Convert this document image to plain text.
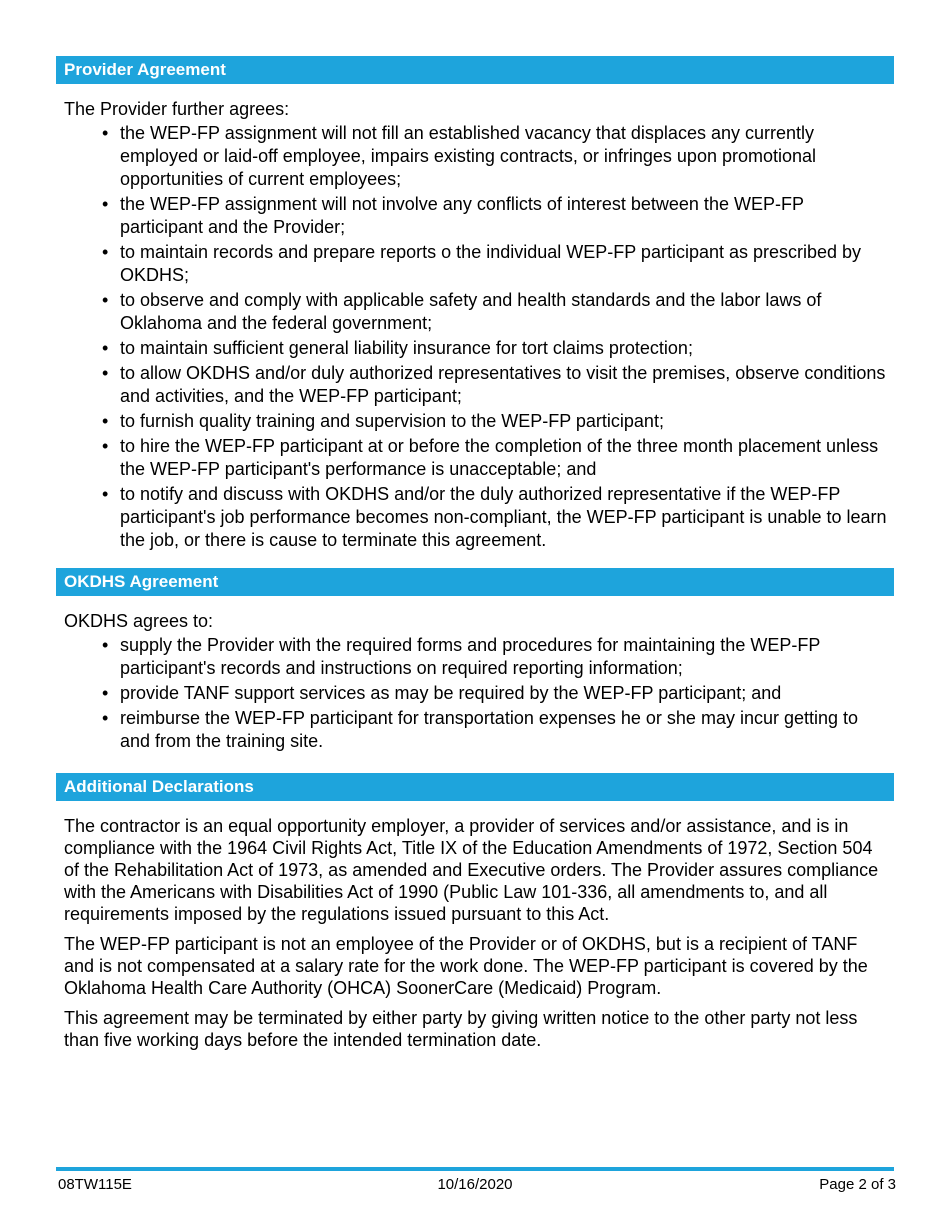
Provider Agreement
The Provider further agrees:
• the WEP-FP assignment will not fill an established vacancy that displaces any currently employed or laid-off employee, impairs existing contracts, or infringes upon promotional opportunities of current employees;
• the WEP-FP assignment will not involve any conflicts of interest between the WEP-FP participant and the Provider;
• to maintain records and prepare reports o the individual WEP-FP participant as prescribed by OKDHS;
• to observe and comply with applicable safety and health standards and the labor laws of Oklahoma and the federal government;
• to maintain sufficient general liability insurance for tort claims protection;
• to allow OKDHS and/or duly authorized representatives to visit the premises, observe conditions and activities, and the WEP-FP participant;
• to furnish quality training and supervision to the WEP-FP participant;
• to hire the WEP-FP participant at or before the completion of the three month placement unless the WEP-FP participant's performance is unacceptable; and
• to notify and discuss with OKDHS and/or the duly authorized representative if the WEP-FP participant's job performance becomes non-compliant, the WEP-FP participant is unable to learn the job, or there is cause to terminate this agreement.
OKDHS Agreement
OKDHS agrees to:
• supply the Provider with the required forms and procedures for maintaining the WEP-FP participant's records and instructions on required reporting information;
• provide TANF support services as may be required by the WEP-FP participant; and
• reimburse the WEP-FP participant for transportation expenses he or she may incur getting to and from the training site.
Additional Declarations

The contractor is an equal opportunity employer, a provider of services and/or assistance, and is in compliance with the 1964 Civil Rights Act, Title IX of the Education Amendments of 1972, Section 504 of the Rehabilitation Act of 1973, as amended and Executive orders. The Provider assures compliance with the Americans with Disabilities Act of 1990 (Public Law 101-336, all amendments to, and all requirements imposed by the regulations issued pursuant to this Act.

The WEP-FP participant is not an employee of the Provider or of OKDHS, but is a recipient of TANF and is not compensated at a salary rate for the work done. The WEP-FP participant is covered by the Oklahoma Health Care Authority (OHCA) SoonerCare (Medicaid) Program.

This agreement may be terminated by either party by giving written notice to the other party not less than five working days before the intended termination date.

08TW115E	10/16/2020	Page 2 of 3
